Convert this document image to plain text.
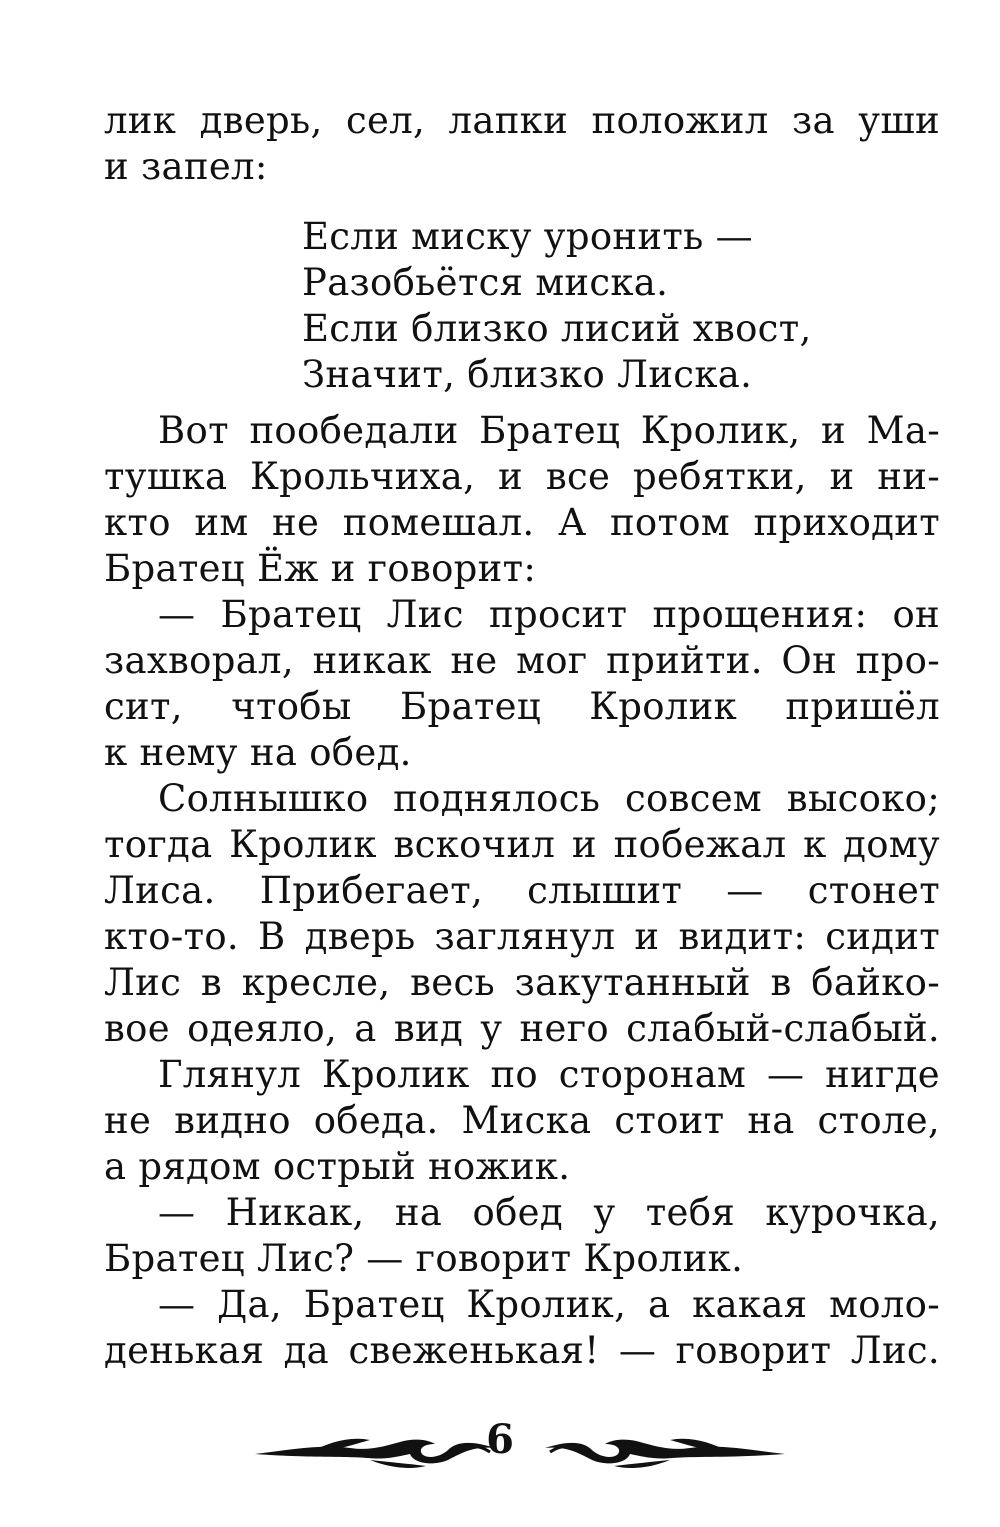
лик дверь, сел, лапки положил за уши
и запел:
Если миску уронить —
Разобьётся миска.
Если близко лисий хвост,
Значит, близко Лиска.
Вот пообедали Братец Кролик, и Ма-
тушка Крольчиха, и все ребятки, и ни-
кто им не помешал. А потом приходит
Братец Ёж и говорит:
— Братец Лис просит прощения: он
захворал, никак не мог прийти. Он про-
сит, чтобы Братец Кролик пришёл
к нему на обед.
Солнышко поднялось совсем высоко;
тогда Кролик вскочил и побежал к дому
Лиса. Прибегает, слышит — стонет
кто-то. В дверь заглянул и видит: сидит
Лис в кресле, весь закутанный в байко-
вое одеяло, а вид у него слабый-слабый.
Глянул Кролик по сторонам — нигде
не видно обеда. Миска стоит на столе,
а рядом острый ножик.
— Никак, на обед у тебя курочка,
Братец Лис? — говорит Кролик.
— Да, Братец Кролик, а какая моло-
денькая да свеженькая! — говорит Лис.
6
